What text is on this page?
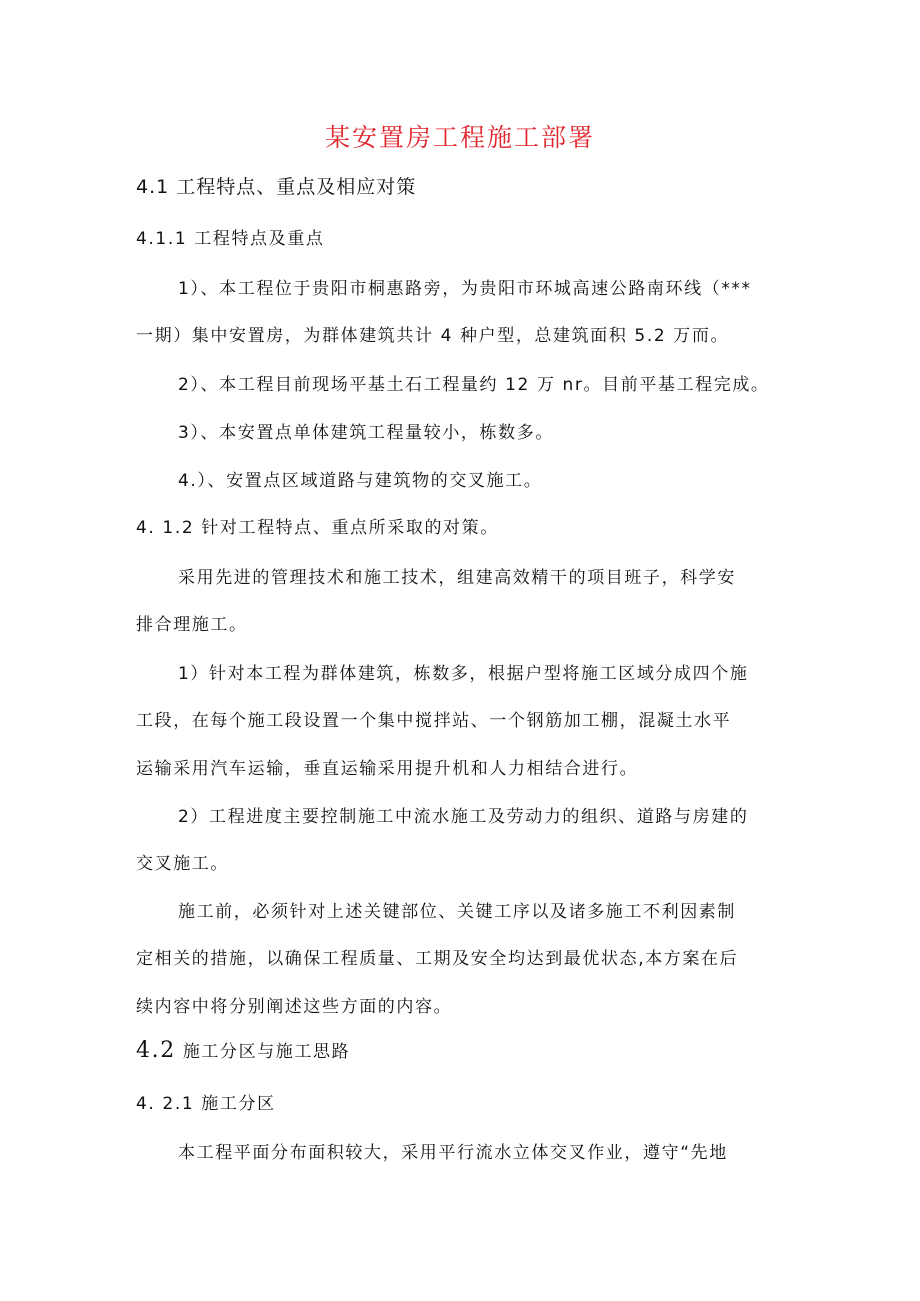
某安置房工程施工部署

4.1 工程特点、重点及相应对策

4.1.1 工程特点及重点

1）、本工程位于贵阳市桐惠路旁，为贵阳市环城高速公路南环线（***

一期）集中安置房，为群体建筑共计 4 种户型，总建筑面积 5.2 万而。

2）、本工程目前现场平基土石工程量约 12 万 nr。目前平基工程完成。

3）、本安置点单体建筑工程量较小，栋数多。

4.）、安置点区域道路与建筑物的交叉施工。

4. 1.2 针对工程特点、重点所采取的对策。

采用先进的管理技术和施工技术，组建高效精干的项目班子，科学安

排合理施工。

1）针对本工程为群体建筑，栋数多，根据户型将施工区域分成四个施

工段，在每个施工段设置一个集中搅拌站、一个钢筋加工棚，混凝土水平

运输采用汽车运输，垂直运输采用提升机和人力相结合进行。

2）工程进度主要控制施工中流水施工及劳动力的组织、道路与房建的

交叉施工。

施工前，必须针对上述关键部位、关键工序以及诸多施工不利因素制

定相关的措施，以确保工程质量、工期及安全均达到最优状态,本方案在后

续内容中将分别阐述这些方面的内容。

4.2 施工分区与施工思路

4. 2.1 施工分区

本工程平面分布面积较大，采用平行流水立体交叉作业，遵守“先地
